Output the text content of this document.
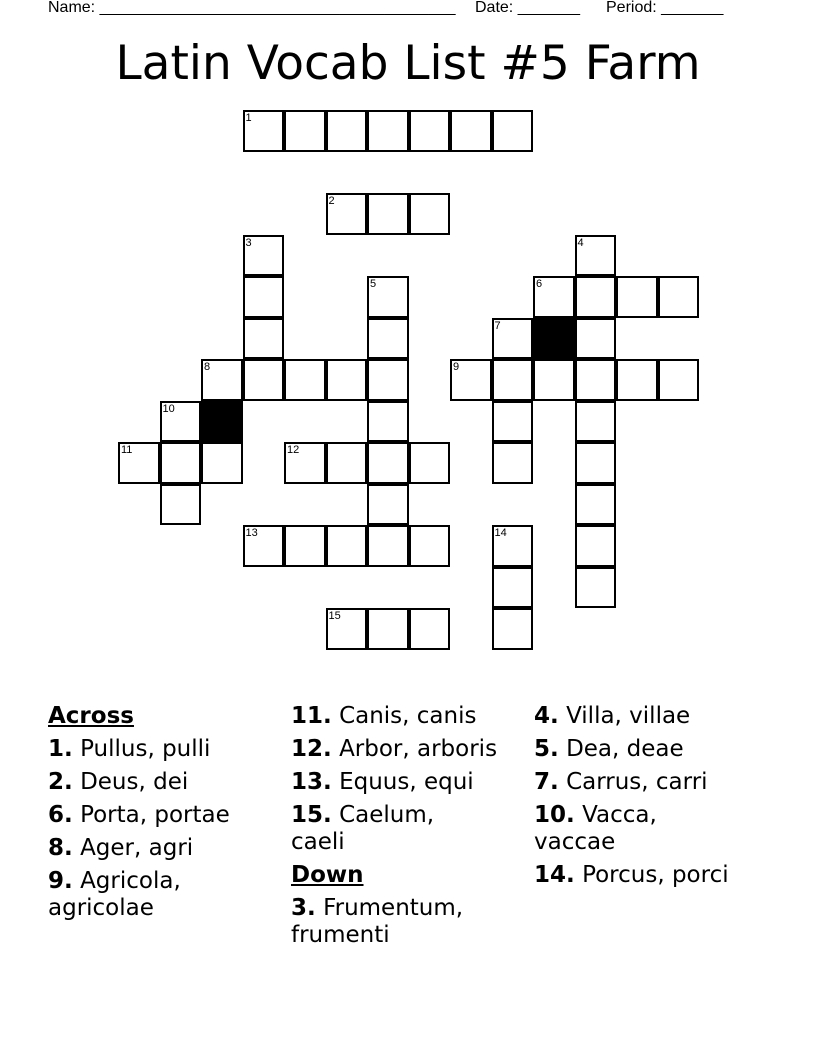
Name: ________________________________________ Date: _______ Period: _______
Latin Vocab List #5 Farm
1
2
3	4
5	6
7
8	9
10
11	12
13	14
15
Across
1. Pullus, pulli
2. Deus, dei
6. Porta, portae
8. Ager, agri
9. Agricola, agricolae
11. Canis, canis
12. Arbor, arboris
13. Equus, equi
15. Caelum, caeli
Down
3. Frumentum, frumenti
4. Villa, villae
5. Dea, deae
7. Carrus, carri
10. Vacca, vaccae
14. Porcus, porci
